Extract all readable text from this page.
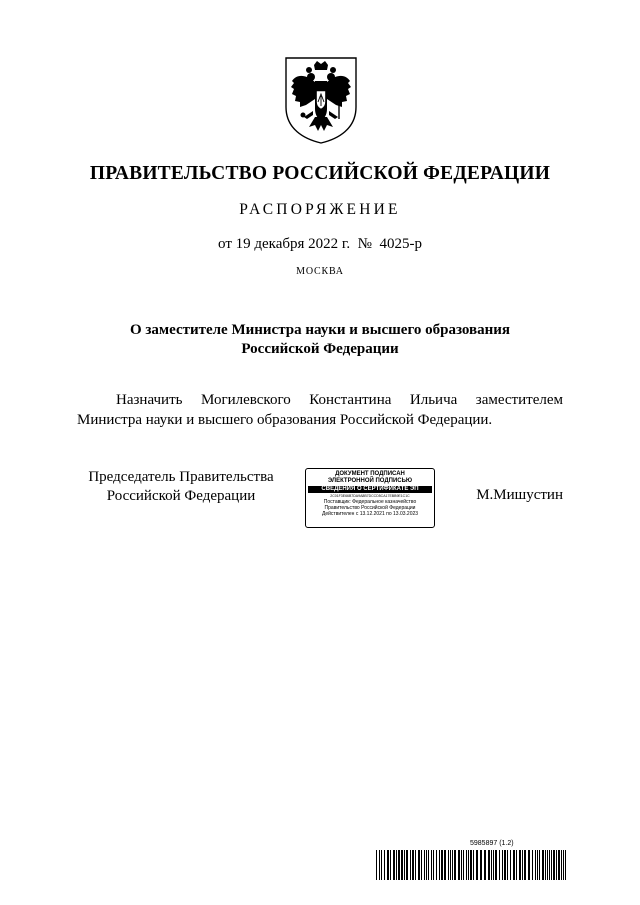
ПРАВИТЕЛЬСТВО РОССИЙСКОЙ ФЕДЕРАЦИИ
РАСПОРЯЖЕНИЕ
от 19 декабря 2022 г.  №  4025-р
МОСКВА
О заместителе Министра науки и высшего образования
Российской Федерации
Назначить Могилевского Константина Ильича заместителем Министра науки и высшего образования Российской Федерации.
Председатель Правительства
Российской Федерации
ДОКУМЕНТ ПОДПИСАН
ЭЛЕКТРОННОЙ ПОДПИСЬЮ
СВЕДЕНИЯ О СЕРТИФИКАТЕ ЭП
2C01F3E66B7DA9A8B7DCCD5CA17EBB9E1C1C
Поставщик: Федеральное казначейство
Правительство Российской Федерации
Действителен с 13.12.2021 по 13.03.2023
М.Мишустин
5985897 (1.2)
